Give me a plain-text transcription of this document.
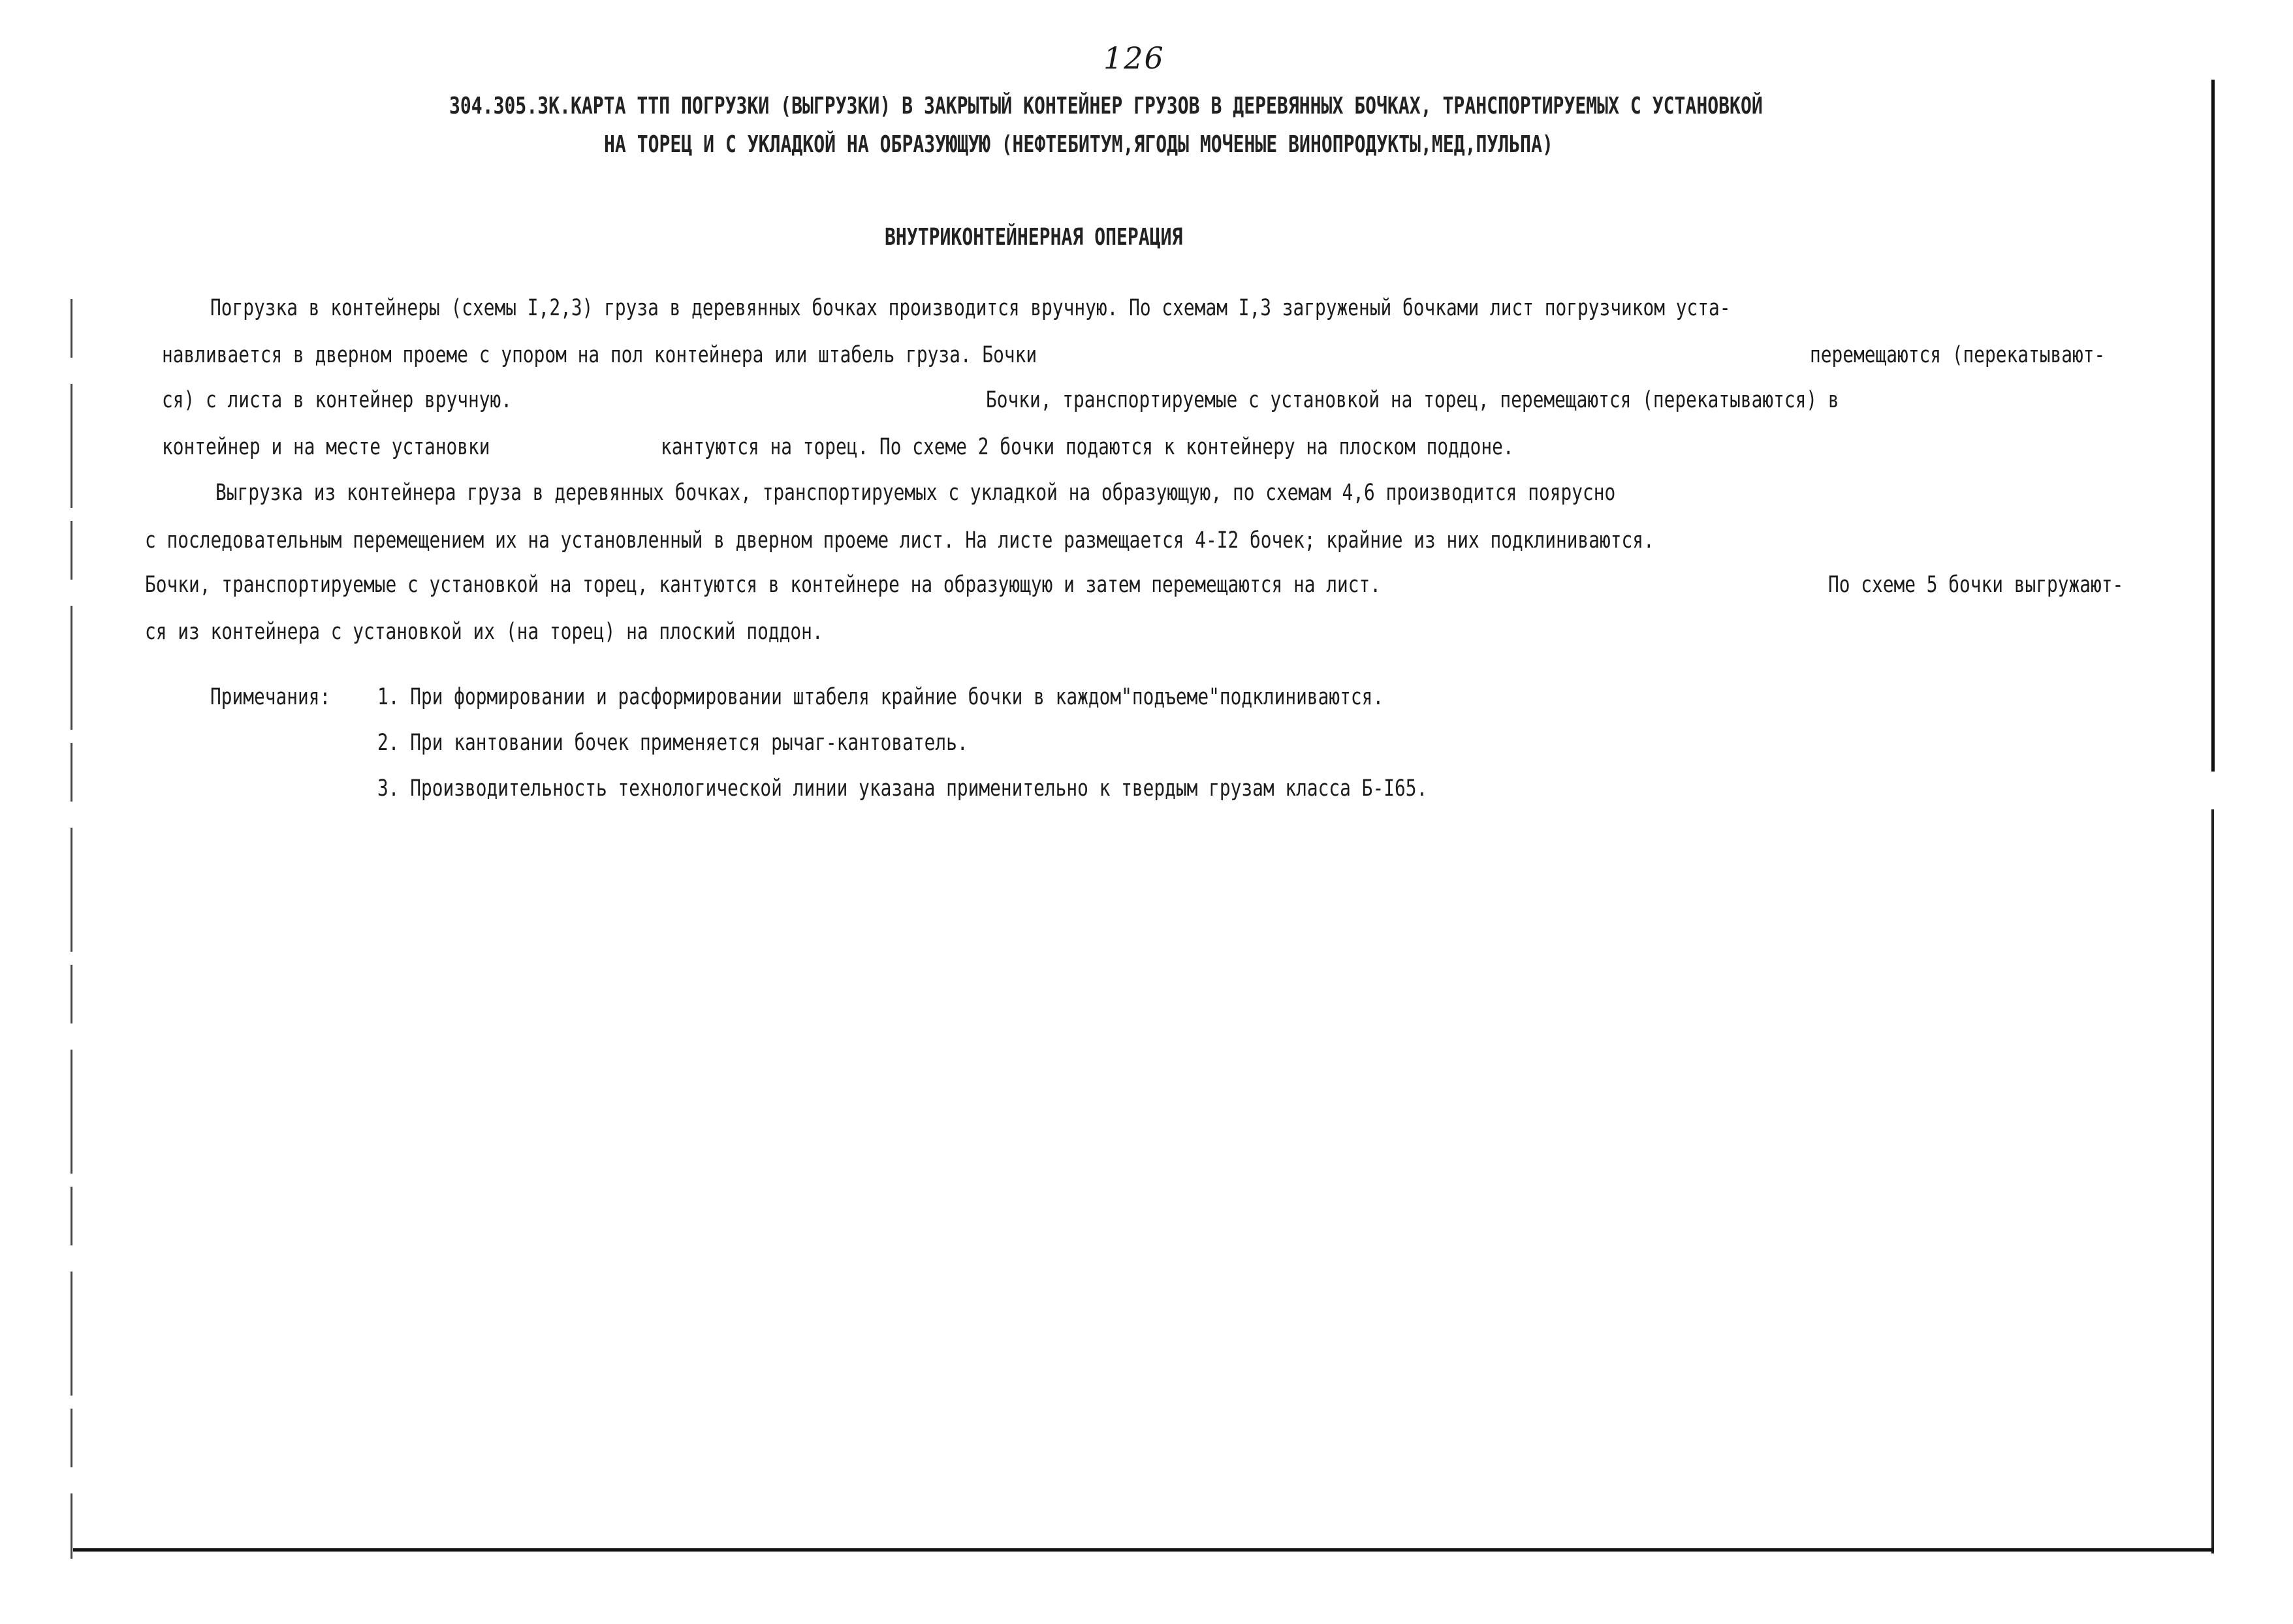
126
304.305.ЗК.КАРТА ТТП ПОГРУЗКИ (ВЫГРУЗКИ) В ЗАКРЫТЫЙ КОНТЕЙНЕР ГРУЗОВ В ДЕРЕВЯННЫХ БОЧКАХ, ТРАНСПОРТИРУЕМЫХ С УСТАНОВКОЙ
НА ТОРЕЦ И С УКЛАДКОЙ НА ОБРАЗУЮЩУЮ (НЕФТЕБИТУМ,ЯГОДЫ МОЧЕНЫЕ ВИНОПРОДУКТЫ,МЕД,ПУЛЬПА)
ВНУТРИКОНТЕЙНЕРНАЯ ОПЕРАЦИЯ
Погрузка в контейнеры (схемы I,2,3) груза в деревянных бочках производится вручную. По схемам I,3 загруженый бочками лист погрузчиком уста-
навливается в дверном проеме с упором на пол контейнера или штабель груза. Бочки	перемещаются (перекатывают-
ся) с листа в контейнер вручную.	Бочки, транспортируемые с установкой на торец, перемещаются (перекатываются) в
контейнер и на месте установки	кантуются на торец. По схеме 2 бочки подаются к контейнеру на плоском поддоне.
Выгрузка из контейнера груза в деревянных бочках, транспортируемых с укладкой на образующую, по схемам 4,6 производится поярусно
с последовательным перемещением их на установленный в дверном проеме лист. На листе размещается 4-I2 бочек; крайние из них подклиниваются.
Бочки, транспортируемые с установкой на торец, кантуются в контейнере на образующую и затем перемещаются на лист.	По схеме 5 бочки выгружают-
ся из контейнера с установкой их (на торец) на плоский поддон.
Примечания: 1. При формировании и расформировании штабеля крайние бочки в каждом"подъеме"подклиниваются.
2. При кантовании бочек применяется рычаг-кантователь.
3. Производительность технологической линии указана применительно к твердым грузам класса Б-I65.
